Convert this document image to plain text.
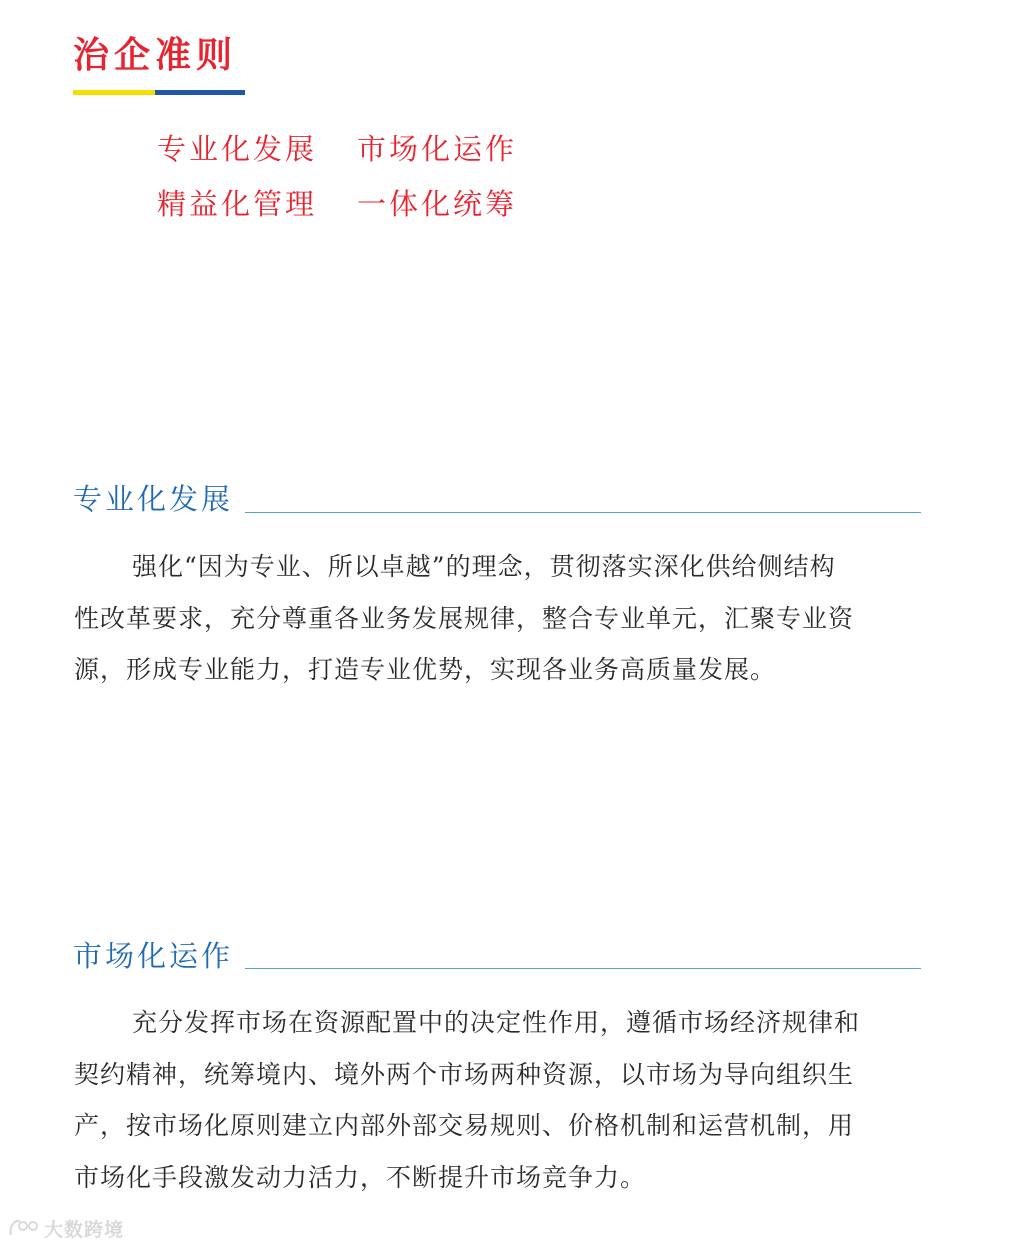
治企准则
专业化发展 市场化运作
精益化管理 一体化统筹
专业化发展
强化“因为专业、所以卓越”的理念，贯彻落实深化供给侧结构
性改革要求，充分尊重各业务发展规律，整合专业单元，汇聚专业资
源，形成专业能力，打造专业优势，实现各业务高质量发展。
市场化运作
充分发挥市场在资源配置中的决定性作用，遵循市场经济规律和
契约精神，统筹境内、境外两个市场两种资源，以市场为导向组织生
产，按市场化原则建立内部外部交易规则、价格机制和运营机制，用
市场化手段激发动力活力，不断提升市场竞争力。
大数跨境
